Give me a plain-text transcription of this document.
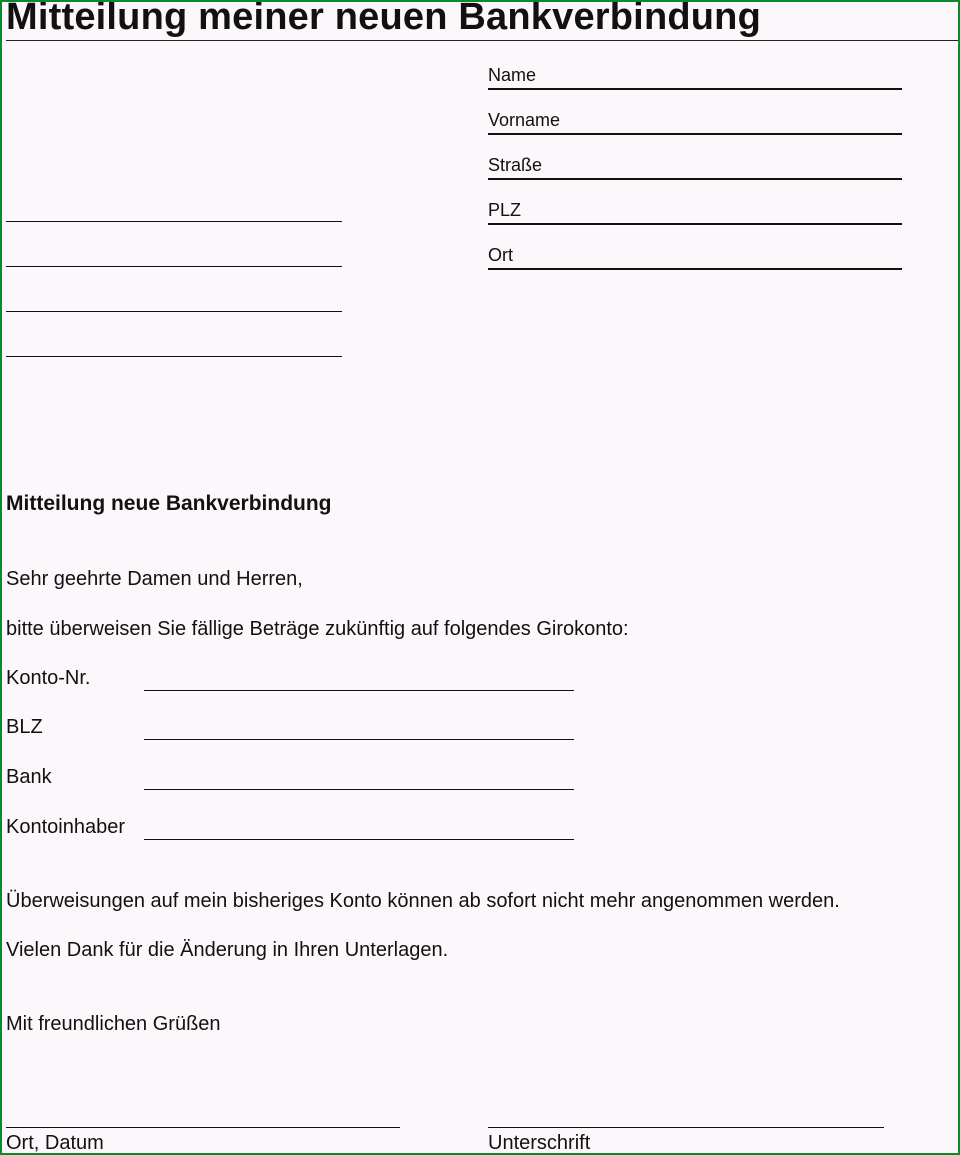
Mitteilung meiner neuen Bankverbindung
Name
Vorname
Straße
PLZ
Ort
Mitteilung neue Bankverbindung
Sehr geehrte Damen und Herren,
bitte überweisen Sie fällige Beträge zukünftig auf folgendes Girokonto:
Konto-Nr.
BLZ
Bank
Kontoinhaber
Überweisungen auf mein bisheriges Konto können ab sofort nicht mehr angenommen werden.
Vielen Dank für die Änderung in Ihren Unterlagen.
Mit freundlichen Grüßen
Ort, Datum	Unterschrift
